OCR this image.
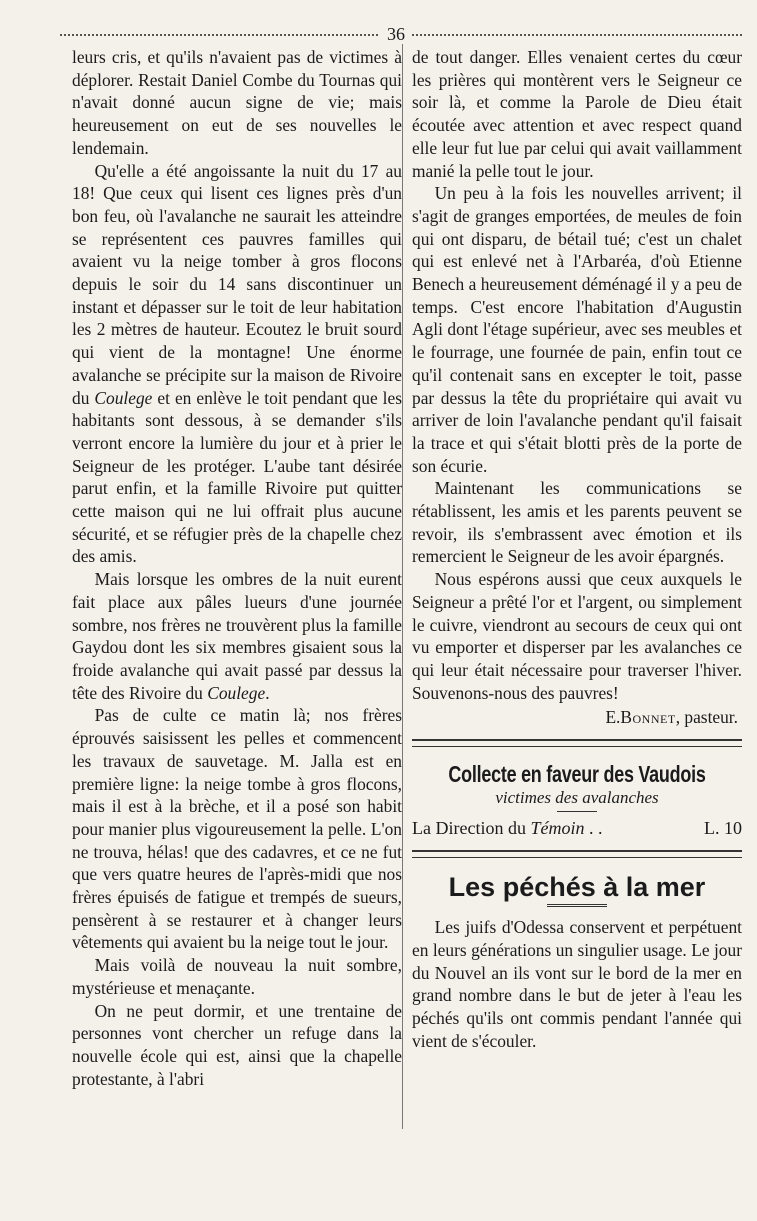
36

leurs cris, et qu'ils n'avaient pas de victimes à déplorer. Restait Daniel Combe du Tournas qui n'avait donné aucun signe de vie; mais heureusement on eut de ses nouvelles le lendemain.

Qu'elle a été angoissante la nuit du 17 au 18! Que ceux qui lisent ces lignes près d'un bon feu, où l'avalanche ne saurait les atteindre se représentent ces pauvres familles qui avaient vu la neige tomber à gros flocons depuis le soir du 14 sans discontinuer un instant et dépasser sur le toit de leur habitation les 2 mètres de hauteur. Ecoutez le bruit sourd qui vient de la montagne! Une énorme avalanche se précipite sur la maison de Rivoire du Coulege et en enlève le toit pendant que les habitants sont dessous, à se demander s'ils verront encore la lumière du jour et à prier le Seigneur de les protéger. L'aube tant désirée parut enfin, et la famille Rivoire put quitter cette maison qui ne lui offrait plus aucune sécurité, et se réfugier près de la chapelle chez des amis.

Mais lorsque les ombres de la nuit eurent fait place aux pâles lueurs d'une journée sombre, nos frères ne trouvèrent plus la famille Gaydou dont les six membres gisaient sous la froide avalanche qui avait passé par dessus la tête des Rivoire du Coulege.

Pas de culte ce matin là; nos frères éprouvés saisissent les pelles et commencent les travaux de sauvetage. M. Jalla est en première ligne: la neige tombe à gros flocons, mais il est à la brèche, et il a posé son habit pour manier plus vigoureusement la pelle. L'on ne trouva, hélas! que des cadavres, et ce ne fut que vers quatre heures de l'après-midi que nos frères épuisés de fatigue et trempés de sueurs, pensèrent à se restaurer et à changer leurs vêtements qui avaient bu la neige tout le jour.

Mais voilà de nouveau la nuit sombre, mystérieuse et menaçante.

On ne peut dormir, et une trentaine de personnes vont chercher un refuge dans la nouvelle école qui est, ainsi que la chapelle protestante, à l'abri

de tout danger. Elles venaient certes du cœur les prières qui montèrent vers le Seigneur ce soir là, et comme la Parole de Dieu était écoutée avec attention et avec respect quand elle leur fut lue par celui qui avait vaillamment manié la pelle tout le jour.

Un peu à la fois les nouvelles arrivent; il s'agit de granges emportées, de meules de foin qui ont disparu, de bétail tué; c'est un chalet qui est enlevé net à l'Arbaréa, d'où Etienne Benech a heureusement déménagé il y a peu de temps. C'est encore l'habitation d'Augustin Agli dont l'étage supérieur, avec ses meubles et le fourrage, une fournée de pain, enfin tout ce qu'il contenait sans en excepter le toit, passe par dessus la tête du propriétaire qui avait vu arriver de loin l'avalanche pendant qu'il faisait la trace et qui s'était blotti près de la porte de son écurie.

Maintenant les communications se rétablissent, les amis et les parents peuvent se revoir, ils s'embrassent avec émotion et ils remercient le Seigneur de les avoir épargnés.

Nous espérons aussi que ceux auxquels le Seigneur a prêté l'or et l'argent, ou simplement le cuivre, viendront au secours de ceux qui ont vu emporter et disperser par les avalanches ce qui leur était nécessaire pour traverser l'hiver. Souvenons-nous des pauvres!

E. Bonnet , pasteur.
Collecte en faveur des Vaudois
victimes des avalanches
La Direction du Témoin . .	L. 10
Les péchés à la mer

Les juifs d'Odessa conservent et perpétuent en leurs générations un singulier usage. Le jour du Nouvel an ils vont sur le bord de la mer en grand nombre dans le but de jeter à l'eau les péchés qu'ils ont commis pendant l'année qui vient de s'écouler.
